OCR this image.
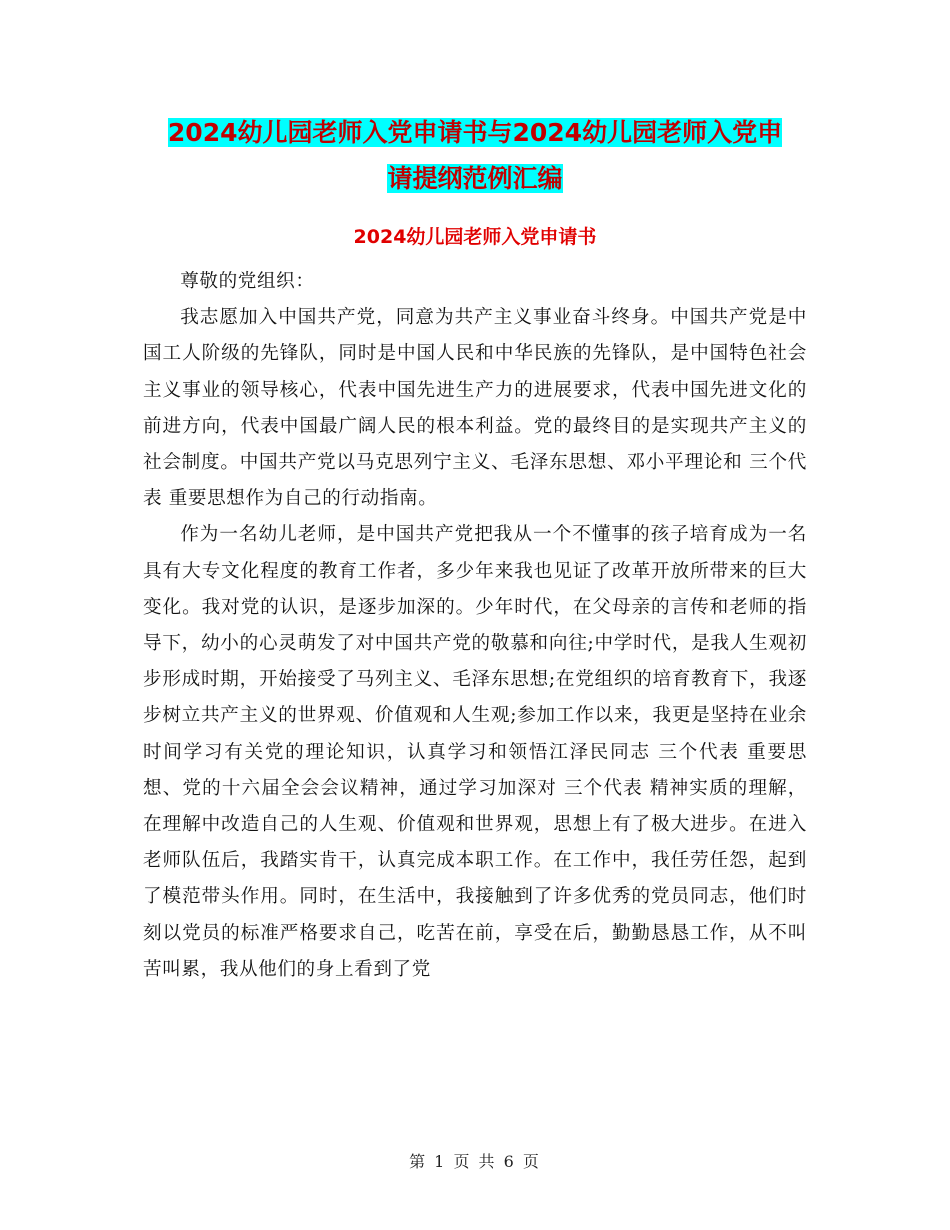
2024幼儿园老师入党申请书与2024幼儿园老师入党申
请提纲范例汇编
2024幼儿园老师入党申请书

尊敬的党组织：

我志愿加入中国共产党，同意为共产主义事业奋斗终身。中国共产党是中国工人阶级的先锋队，同时是中国人民和中华民族的先锋队，是中国特色社会主义事业的领导核心，代表中国先进生产力的进展要求，代表中国先进文化的前进方向，代表中国最广阔人民的根本利益。党的最终目的是实现共产主义的社会制度。中国共产党以马克思列宁主义、毛泽东思想、邓小平理论和 三个代表 重要思想作为自己的行动指南。

作为一名幼儿老师，是中国共产党把我从一个不懂事的孩子培育成为一名具有大专文化程度的教育工作者，多少年来我也见证了改革开放所带来的巨大变化。我对党的认识，是逐步加深的。少年时代，在父母亲的言传和老师的指导下，幼小的心灵萌发了对中国共产党的敬慕和向往;中学时代，是我人生观初步形成时期，开始接受了马列主义、毛泽东思想;在党组织的培育教育下，我逐步树立共产主义的世界观、价值观和人生观;参加工作以来，我更是坚持在业余时间学习有关党的理论知识，认真学习和领悟江泽民同志 三个代表 重要思想、党的十六届全会会议精神，通过学习加深对 三个代表 精神实质的理解，在理解中改造自己的人生观、价值观和世界观，思想上有了极大进步。在进入老师队伍后，我踏实肯干，认真完成本职工作。在工作中，我任劳任怨，起到了模范带头作用。同时，在生活中，我接触到了许多优秀的党员同志，他们时刻以党员的标准严格要求自己，吃苦在前，享受在后，勤勤恳恳工作，从不叫苦叫累，我从他们的身上看到了党

第 1 页 共 6 页
